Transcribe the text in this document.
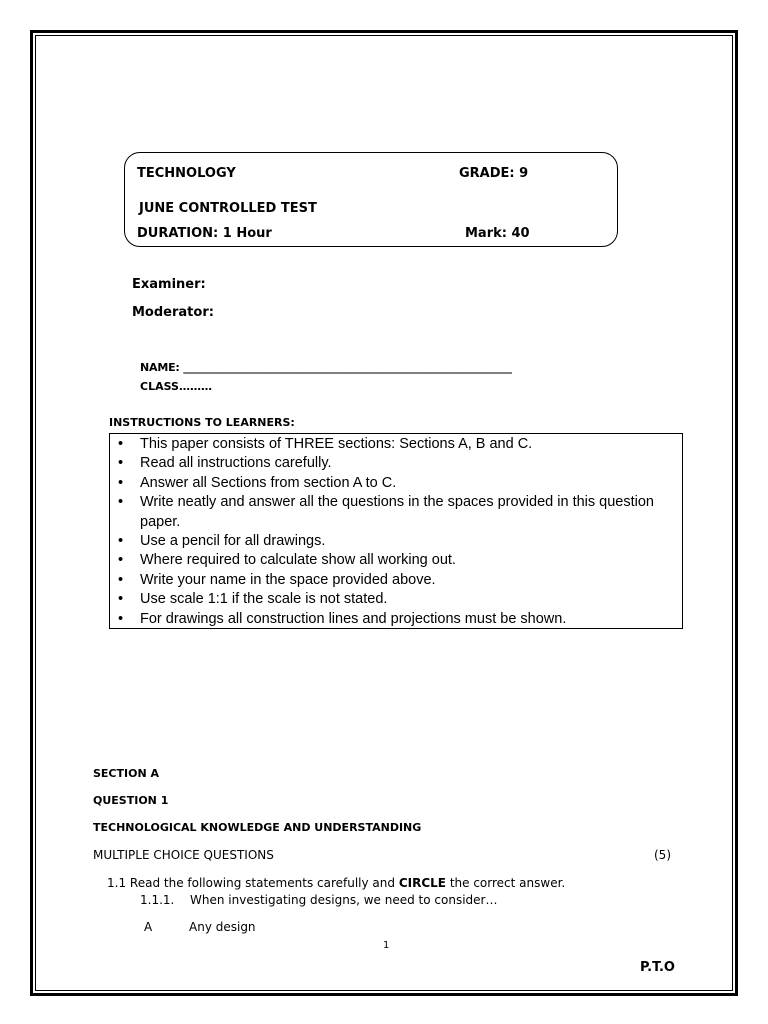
TECHNOLOGY	GRADE: 9
JUNE CONTROLLED TEST
DURATION: 1 Hour	Mark: 40
Examiner:
Moderator:
NAME: ______________________________________________________________
CLASS………
INSTRUCTIONS TO LEARNERS:
• This paper consists of THREE sections: Sections A, B and C.
• Read all instructions carefully.
• Answer all Sections from section A to C.
• Write neatly and answer all the questions in the spaces provided in this question paper.
• Use a pencil for all drawings.
• Where required to calculate show all working out.
• Write your name in the space provided above.
• Use scale 1:1 if the scale is not stated.
• For drawings all construction lines and projections must be shown.
SECTION A
QUESTION 1
TECHNOLOGICAL KNOWLEDGE AND UNDERSTANDING
MULTIPLE CHOICE QUESTIONS	(5)
1.1 Read the following statements carefully and CIRCLE the correct answer.
1.1.1. When investigating designs, we need to consider…
A	Any design
1
P.T.O
